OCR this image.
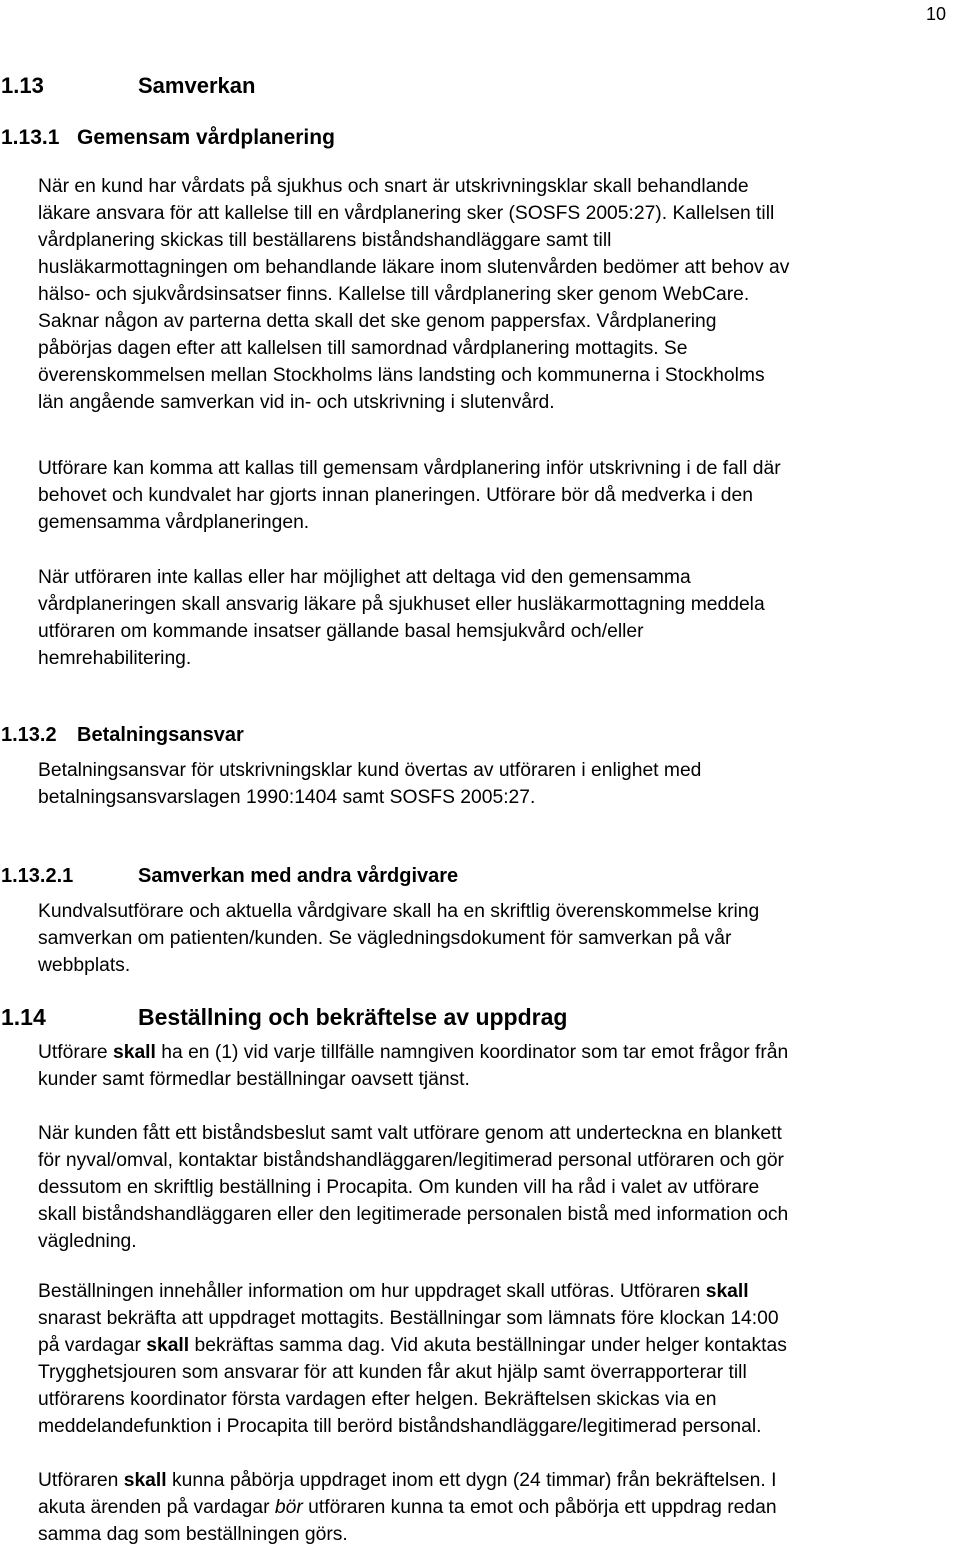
10
1.13	Samverkan
1.13.1 Gemensam vårdplanering
När en kund har vårdats på sjukhus och snart är utskrivningsklar skall behandlande
läkare ansvara för att kallelse till en vårdplanering sker (SOSFS 2005:27). Kallelsen till
vårdplanering skickas till beställarens biståndshandläggare samt till
husläkarmottagningen om behandlande läkare inom slutenvården bedömer att behov av
hälso- och sjukvårdsinsatser finns. Kallelse till vårdplanering sker genom WebCare.
Saknar någon av parterna detta skall det ske genom pappersfax. Vårdplanering
påbörjas dagen efter att kallelsen till samordnad vårdplanering mottagits. Se
överenskommelsen mellan Stockholms läns landsting och kommunerna i Stockholms
län angående samverkan vid in- och utskrivning i slutenvård.
Utförare kan komma att kallas till gemensam vårdplanering inför utskrivning i de fall där
behovet och kundvalet har gjorts innan planeringen. Utförare bör då medverka i den
gemensamma vårdplaneringen.
När utföraren inte kallas eller har möjlighet att deltaga vid den gemensamma
vårdplaneringen skall ansvarig läkare på sjukhuset eller husläkarmottagning meddela
utföraren om kommande insatser gällande basal hemsjukvård och/eller
hemrehabilitering.
1.13.2 Betalningsansvar
Betalningsansvar för utskrivningsklar kund övertas av utföraren i enlighet med
betalningsansvarslagen 1990:1404 samt SOSFS 2005:27.
1.13.2.1	Samverkan med andra vårdgivare
Kundvalsutförare och aktuella vårdgivare skall ha en skriftlig överenskommelse kring
samverkan om patienten/kunden. Se vägledningsdokument för samverkan på vår
webbplats.
1.14	Beställning och bekräftelse av uppdrag
Utförare skall ha en (1) vid varje tillfälle namngiven koordinator som tar emot frågor från
kunder samt förmedlar beställningar oavsett tjänst.
När kunden fått ett biståndsbeslut samt valt utförare genom att underteckna en blankett
för nyval/omval, kontaktar biståndshandläggaren/legitimerad personal utföraren och gör
dessutom en skriftlig beställning i Procapita. Om kunden vill ha råd i valet av utförare
skall biståndshandläggaren eller den legitimerade personalen bistå med information och
vägledning.
Beställningen innehåller information om hur uppdraget skall utföras. Utföraren skall
snarast bekräfta att uppdraget mottagits. Beställningar som lämnats före klockan 14:00
på vardagar skall bekräftas samma dag. Vid akuta beställningar under helger kontaktas
Trygghetsjouren som ansvarar för att kunden får akut hjälp samt överrapporterar till
utförarens koordinator första vardagen efter helgen. Bekräftelsen skickas via en
meddelandefunktion i Procapita till berörd biståndshandläggare/legitimerad personal.
Utföraren skall kunna påbörja uppdraget inom ett dygn (24 timmar) från bekräftelsen. I
akuta ärenden på vardagar bör utföraren kunna ta emot och påbörja ett uppdrag redan
samma dag som beställningen görs.
